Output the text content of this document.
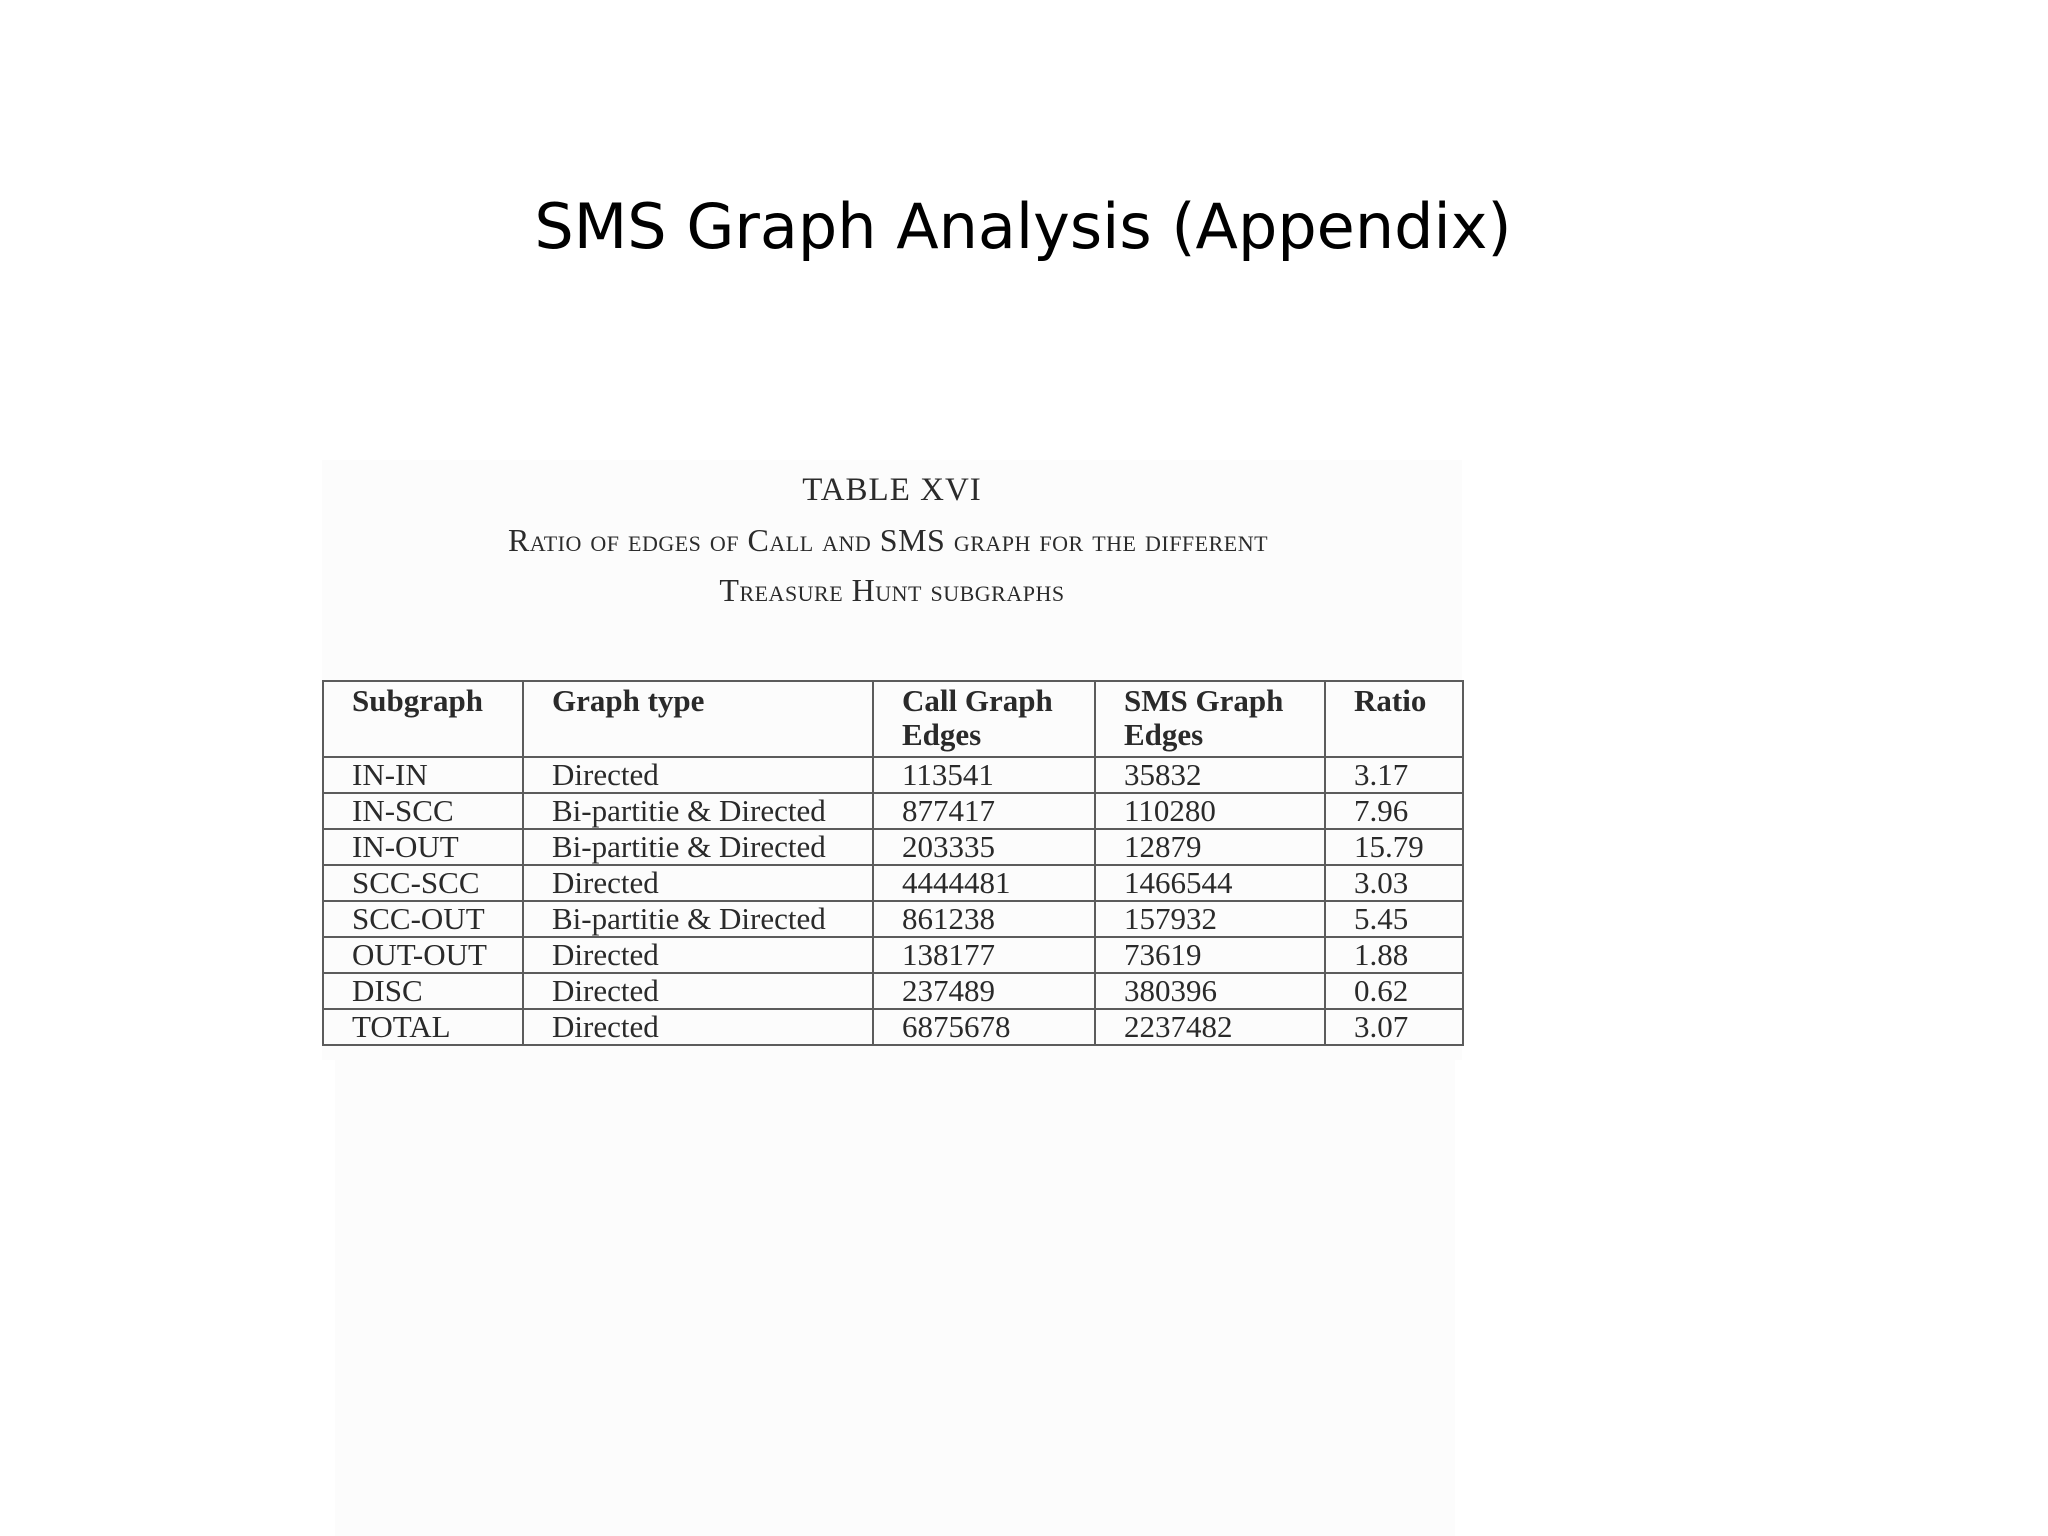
SMS Graph Analysis (Appendix)
TABLE XVI
Ratio of edges of Call and SMS graph for the different
Treasure Hunt subgraphs
Subgraph	Graph type	Call Graph Edges	SMS Graph Edges	Ratio
IN-IN	Directed	113541	35832	3.17
IN-SCC	Bi-partitie & Directed	877417	110280	7.96
IN-OUT	Bi-partitie & Directed	203335	12879	15.79
SCC-SCC	Directed	4444481	1466544	3.03
SCC-OUT	Bi-partitie & Directed	861238	157932	5.45
OUT-OUT	Directed	138177	73619	1.88
DISC	Directed	237489	380396	0.62
TOTAL	Directed	6875678	2237482	3.07
